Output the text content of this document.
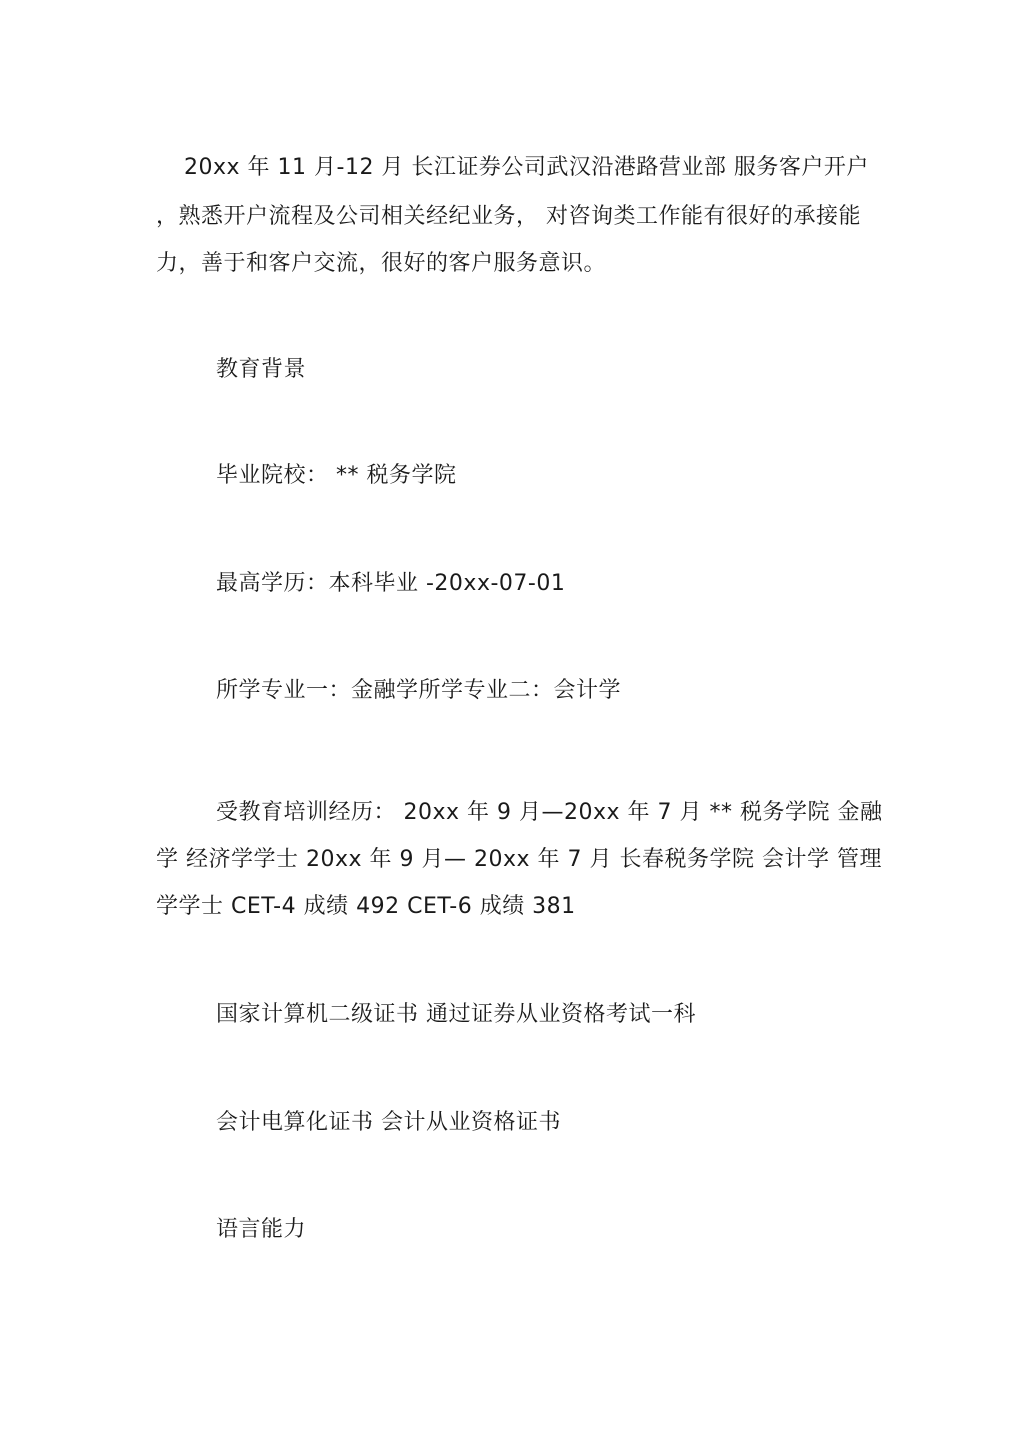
20xx 年 11 月-12 月 长江证券公司武汉沿港路营业部 服务客户开户
，熟悉开户流程及公司相关经纪业务， 对咨询类工作能有很好的承接能
力，善于和客户交流，很好的客户服务意识。
教育背景
毕业院校： ** 税务学院
最高学历：本科毕业 -20xx-07-01
所学专业一：金融学所学专业二：会计学
受教育培训经历： 20xx 年 9 月—20xx 年 7 月 ** 税务学院 金融
学 经济学学士 20xx 年 9 月— 20xx 年 7 月 长春税务学院 会计学 管理
学学士 CET-4 成绩 492 CET-6 成绩 381
国家计算机二级证书 通过证券从业资格考试一科
会计电算化证书 会计从业资格证书
语言能力
